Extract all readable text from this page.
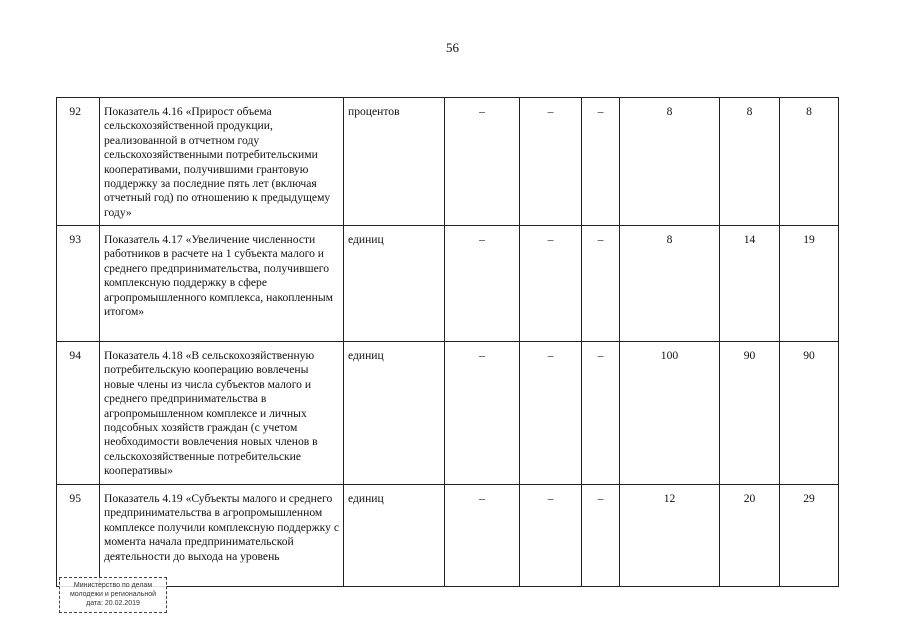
56
92	Показатель 4.16 «Прирост объема сельскохозяйственной продукции, реализованной в отчетном году сельскохозяйственными потребительскими кооперативами, получившими грантовую поддержку за последние пять лет (включая отчетный год) по отношению к предыдущему году»	процентов	–	–	–	8	8	8
93	Показатель 4.17 «Увеличение численности работников в расчете на 1 субъекта малого и среднего предпринимательства, получившего комплексную поддержку в сфере агропромышленного комплекса, накопленным итогом»	единиц	–	–	–	8	14	19
94	Показатель 4.18 «В сельскохозяйственную потребительскую кооперацию вовлечены новые члены из числа субъектов малого и среднего предпринимательства в агропромышленном комплексе и личных подсобных хозяйств граждан (с учетом необходимости вовлечения новых членов в сельскохозяйственные потребительские кооперативы»	единиц	–	–	–	100	90	90
95	Показатель 4.19 «Субъекты малого и среднего предпринимательства в агропромышленном комплексе получили комплексную поддержку с момента начала предпринимательской деятельности до выхода на уровень	единиц	–	–	–	12	20	29
Министерство по делам
молодежи и региональной
дата: 20.02.2019
